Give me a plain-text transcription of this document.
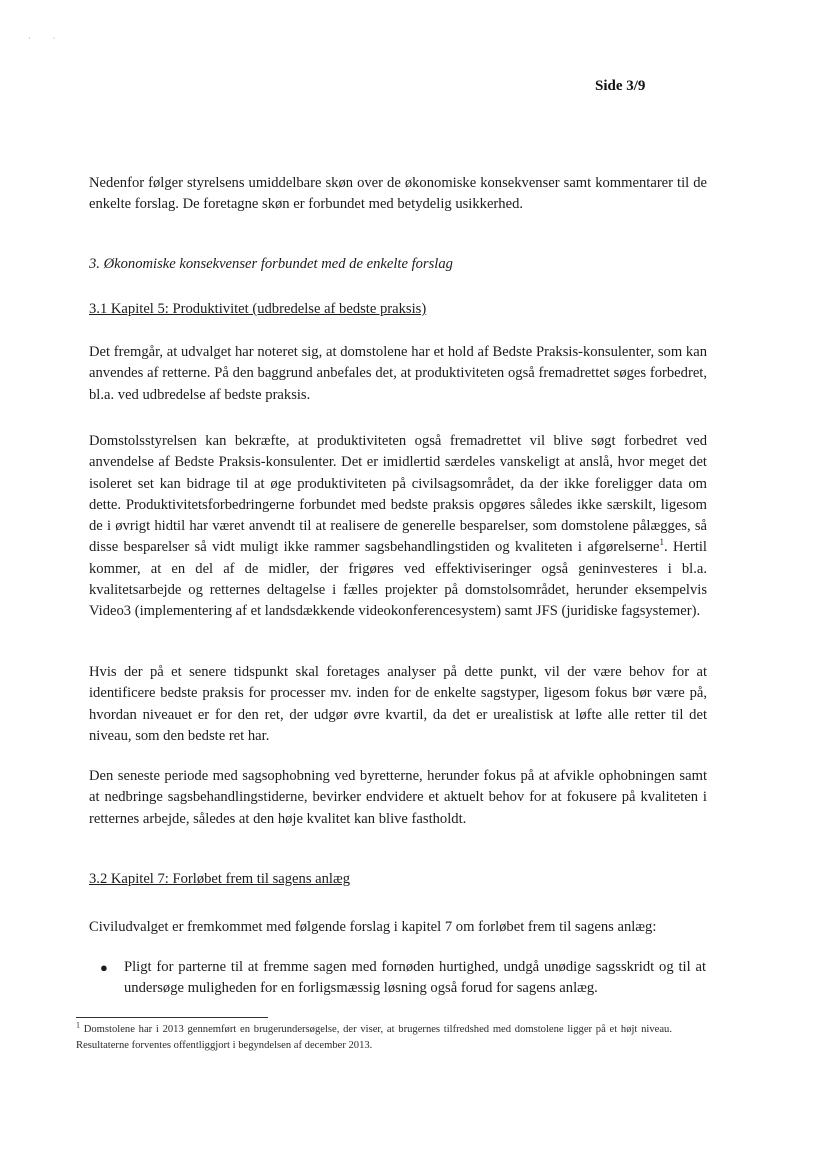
· ·
Side 3/9

Nedenfor følger styrelsens umiddelbare skøn over de økonomiske konsekvenser samt kommentarer til de enkelte forslag. De foretagne skøn er forbundet med betydelig usikkerhed.

3. Økonomiske konsekvenser forbundet med de enkelte forslag
3.1 Kapitel 5: Produktivitet (udbredelse af bedste praksis)

Det fremgår, at udvalget har noteret sig, at domstolene har et hold af Bedste Praksis-konsulenter, som kan anvendes af retterne. På den baggrund anbefales det, at produktiviteten også fremadrettet søges forbedret, bl.a. ved udbredelse af bedste praksis.

Domstolsstyrelsen kan bekræfte, at produktiviteten også fremadrettet vil blive søgt forbedret ved anvendelse af Bedste Praksis-konsulenter. Det er imidlertid særdeles vanskeligt at anslå, hvor meget det isoleret set kan bidrage til at øge produktiviteten på civilsagsområdet, da der ikke foreligger data om dette. Produktivitetsforbedringerne forbundet med bedste praksis opgøres således ikke særskilt, ligesom de i øvrigt hidtil har været anvendt til at realisere de generelle besparelser, som domstolene pålægges, så disse besparelser så vidt muligt ikke rammer sagsbehandlingstiden og kvaliteten i afgørelserne$^1$. Hertil kommer, at en del af de midler, der frigøres ved effektiviseringer også geninvesteres i bl.a. kvalitetsarbejde og retternes deltagelse i fælles projekter på domstolsområdet, herunder eksempelvis Video3 (implementering af et landsdækkende videokonferencesystem) samt JFS (juridiske fagsystemer).

Hvis der på et senere tidspunkt skal foretages analyser på dette punkt, vil der være behov for at identificere bedste praksis for processer mv. inden for de enkelte sagstyper, ligesom fokus bør være på, hvordan niveauet er for den ret, der udgør øvre kvartil, da det er urealistisk at løfte alle retter til det niveau, som den bedste ret har.

Den seneste periode med sagsophobning ved byretterne, herunder fokus på at afvikle ophobningen samt at nedbringe sagsbehandlingstiderne, bevirker endvidere et aktuelt behov for at fokusere på kvaliteten i retternes arbejde, således at den høje kvalitet kan blive fastholdt.

3.2 Kapitel 7: Forløbet frem til sagens anlæg

Civiludvalget er fremkommet med følgende forslag i kapitel 7 om forløbet frem til sagens anlæg:

●	Pligt for parterne til at fremme sagen med fornøden hurtighed, undgå unødige sagsskridt og til at undersøge muligheden for en forligsmæssig løsning også forud for sagens anlæg.

$^1$ Domstolene har i 2013 gennemført en brugerundersøgelse, der viser, at brugernes tilfredshed med domstolene ligger på et højt niveau. Resultaterne forventes offentliggjort i begyndelsen af december 2013.
